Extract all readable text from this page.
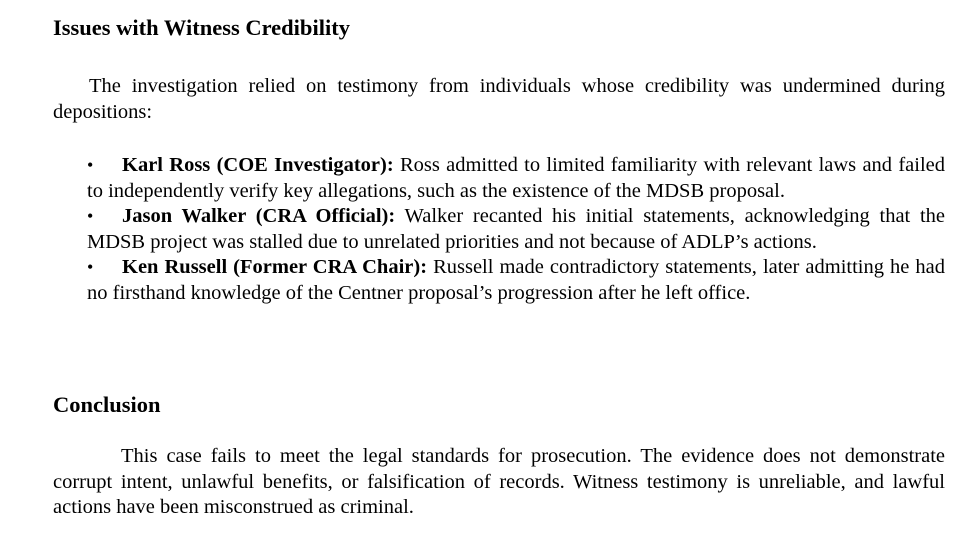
Issues with Witness Credibility

The investigation relied on testimony from individuals whose credibility was undermined during depositions:

• Karl Ross (COE Investigator): Ross admitted to limited familiarity with relevant laws and failed to independently verify key allegations, such as the existence of the MDSB proposal.
• Jason Walker (CRA Official): Walker recanted his initial statements, acknowledging that the MDSB project was stalled due to unrelated priorities and not because of ADLP’s actions.
• Ken Russell (Former CRA Chair): Russell made contradictory statements, later admitting he had no firsthand knowledge of the Centner proposal’s progression after he left office.
Conclusion

This case fails to meet the legal standards for prosecution. The evidence does not demonstrate corrupt intent, unlawful benefits, or falsification of records. Witness testimony is unreliable, and lawful actions have been misconstrued as criminal.
